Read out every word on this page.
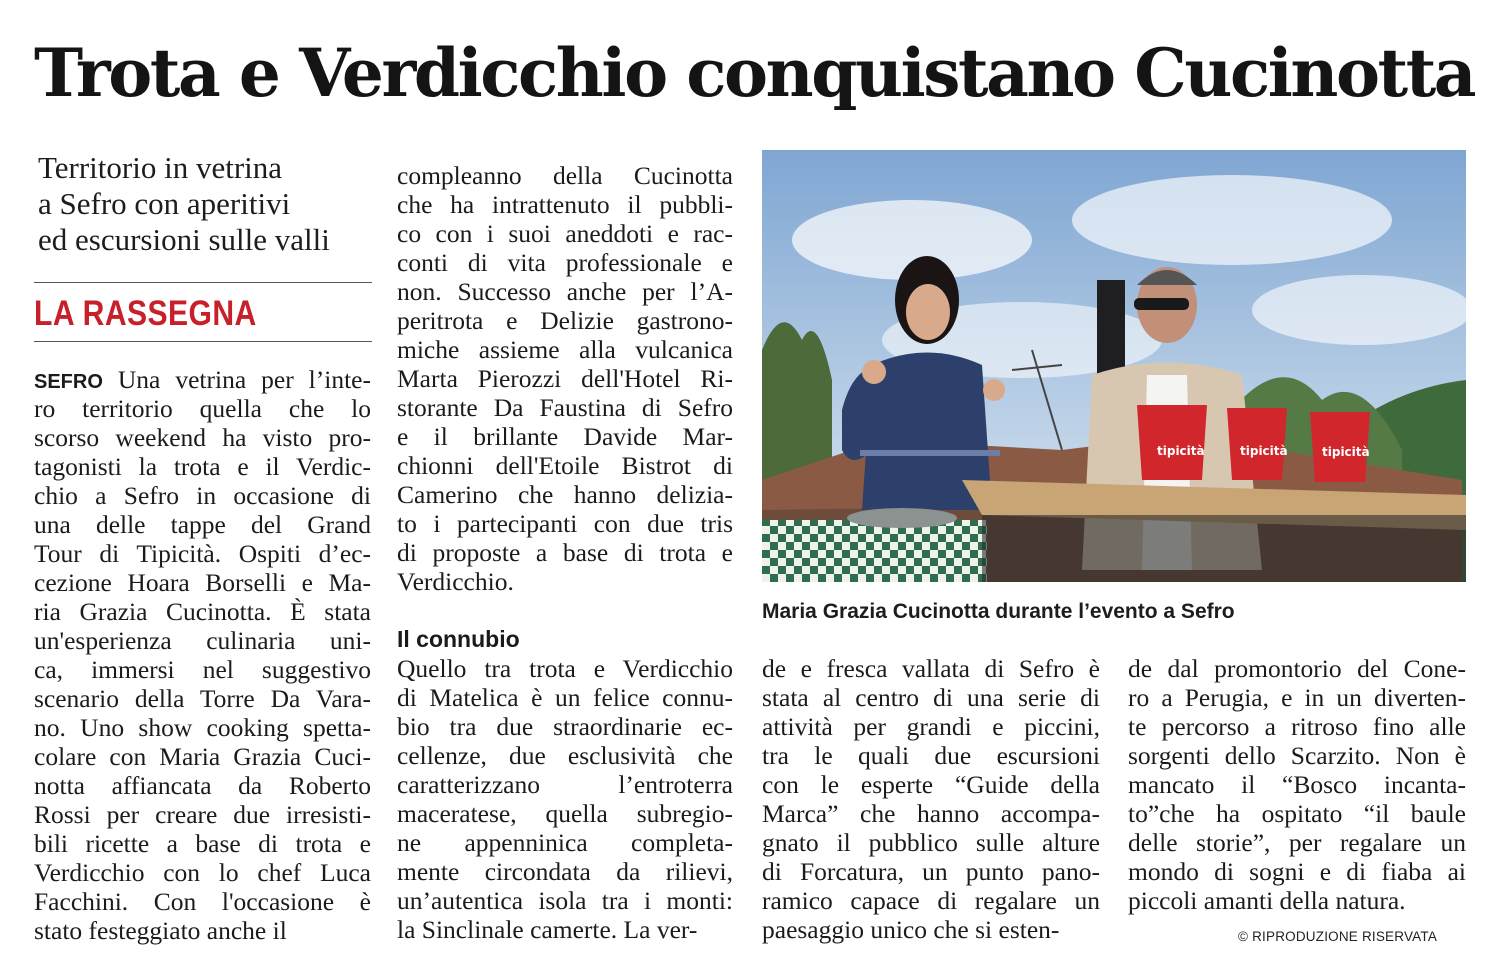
Trota e Verdicchio conquistano Cucinotta
Territorio in vetrina
a Sefro con aperitivi
ed escursioni sulle valli
LA RASSEGNA
SEFRO Una vetrina per l’inte-
ro territorio quella che lo
scorso weekend ha visto pro-
tagonisti la trota e il Verdic-
chio a Sefro in occasione di
una delle tappe del Grand
Tour di Tipicità. Ospiti d’ec-
cezione Hoara Borselli e Ma-
ria Grazia Cucinotta. È stata
un'esperienza culinaria uni-
ca, immersi nel suggestivo
scenario della Torre Da Vara-
no. Uno show cooking spetta-
colare con Maria Grazia Cuci-
notta affiancata da Roberto
Rossi per creare due irresisti-
bili ricette a base di trota e
Verdicchio con lo chef Luca
Facchini. Con l'occasione è
stato festeggiato anche il
compleanno della Cucinotta
che ha intrattenuto il pubbli-
co con i suoi aneddoti e rac-
conti di vita professionale e
non. Successo anche per l’A-
peritrota e Delizie gastrono-
miche assieme alla vulcanica
Marta Pierozzi dell'Hotel Ri-
storante Da Faustina di Sefro
e il brillante Davide Mar-
chionni dell'Etoile Bistrot di
Camerino che hanno delizia-
to i partecipanti con due tris
di proposte a base di trota e
Verdicchio.
Il connubio
Quello tra trota e Verdicchio
di Matelica è un felice connu-
bio tra due straordinarie ec-
cellenze, due esclusività che
caratterizzano l’entroterra
maceratese, quella subregio-
ne appenninica completa-
mente circondata da rilievi,
un’autentica isola tra i monti:
la Sinclinale camerte. La ver-
de e fresca vallata di Sefro è
stata al centro di una serie di
attività per grandi e piccini,
tra le quali due escursioni
con le esperte “Guide della
Marca” che hanno accompa-
gnato il pubblico sulle alture
di Forcatura, un punto pano-
ramico capace di regalare un
paesaggio unico che si esten-
de dal promontorio del Cone-
ro a Perugia, e in un diverten-
te percorso a ritroso fino alle
sorgenti dello Scarzito. Non è
mancato il “Bosco incanta-
to”che ha ospitato “il baule
delle storie”, per regalare un
mondo di sogni e di fiaba ai
piccoli amanti della natura.
tipicità	tipicità	tipicità
Maria Grazia Cucinotta durante l’evento a Sefro
© RIPRODUZIONE RISERVATA
